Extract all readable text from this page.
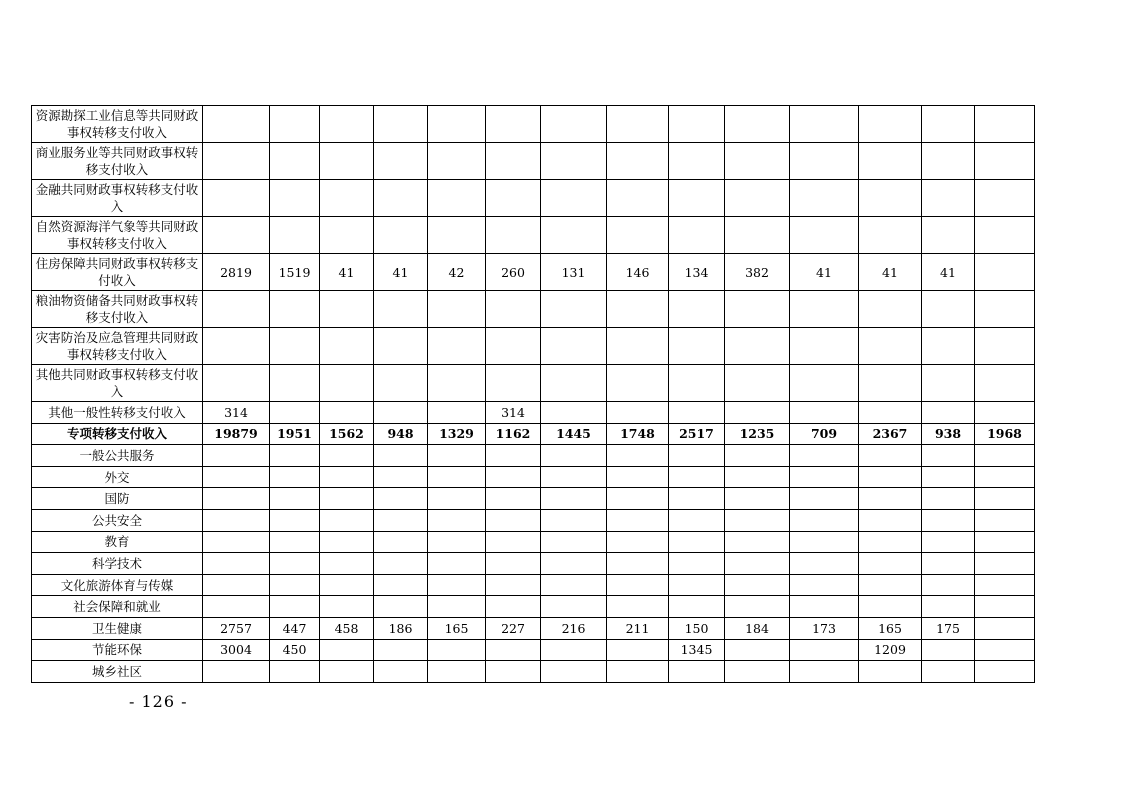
资源勘探工业信息等共同财政事权转移支付收入														
商业服务业等共同财政事权转移支付收入														
金融共同财政事权转移支付收入														
自然资源海洋气象等共同财政事权转移支付收入														
住房保障共同财政事权转移支付收入	2819	1519	41	41	42	260	131	146	134	382	41	41	41	
粮油物资储备共同财政事权转移支付收入														
灾害防治及应急管理共同财政事权转移支付收入														
其他共同财政事权转移支付收入														
其他一般性转移支付收入	314					314								
专项转移支付收入	19879	1951	1562	948	1329	1162	1445	1748	2517	1235	709	2367	938	1968
一般公共服务														
外交														
国防														
公共安全														
教育														
科学技术														
文化旅游体育与传媒														
社会保障和就业														
卫生健康	2757	447	458	186	165	227	216	211	150	184	173	165	175	
节能环保	3004	450							1345			1209		
城乡社区														
- 126 -
